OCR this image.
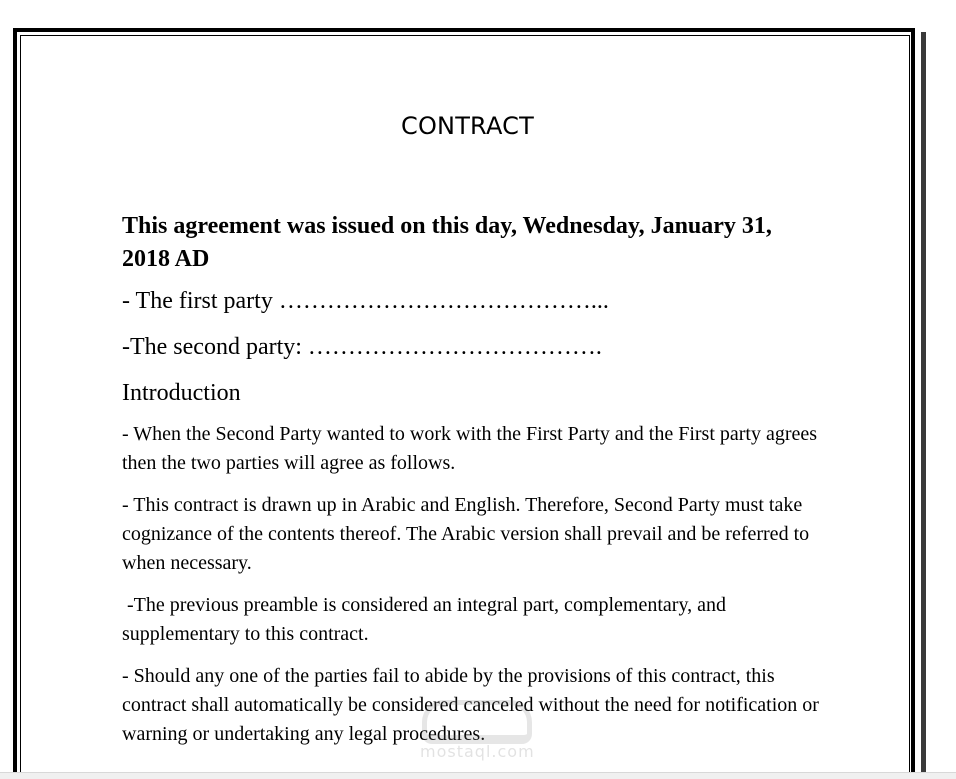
CONTRACT

This agreement was issued on this day, Wednesday, January 31, 2018 AD

- The first party …………………………………...

-The second party: ……………………………….

Introduction

- When the Second Party wanted to work with the First Party and the First party agrees then the two parties will agree as follows.

- This contract is drawn up in Arabic and English. Therefore, Second Party must take cognizance of the contents thereof. The Arabic version shall prevail and be referred to when necessary.

-The previous preamble is considered an integral part, complementary, and supplementary to this contract.

- Should any one of the parties fail to abide by the provisions of this contract, this contract shall automatically be considered canceled without the need for notification or warning or undertaking any legal procedures.

mostaql.com
